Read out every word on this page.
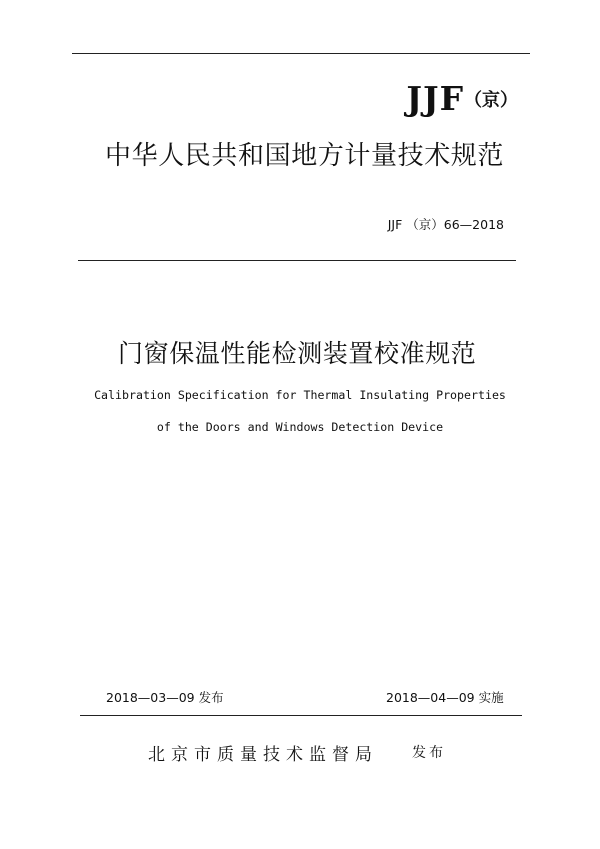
JJF（京）
中华人民共和国地方计量技术规范
JJF （京）66—2018
门窗保温性能检测装置校准规范
Calibration Specification for Thermal Insulating Properties
of the Doors and Windows Detection Device
2018—03—09 发布	2018—04—09 实施
北京市质量技术监督局 发布
